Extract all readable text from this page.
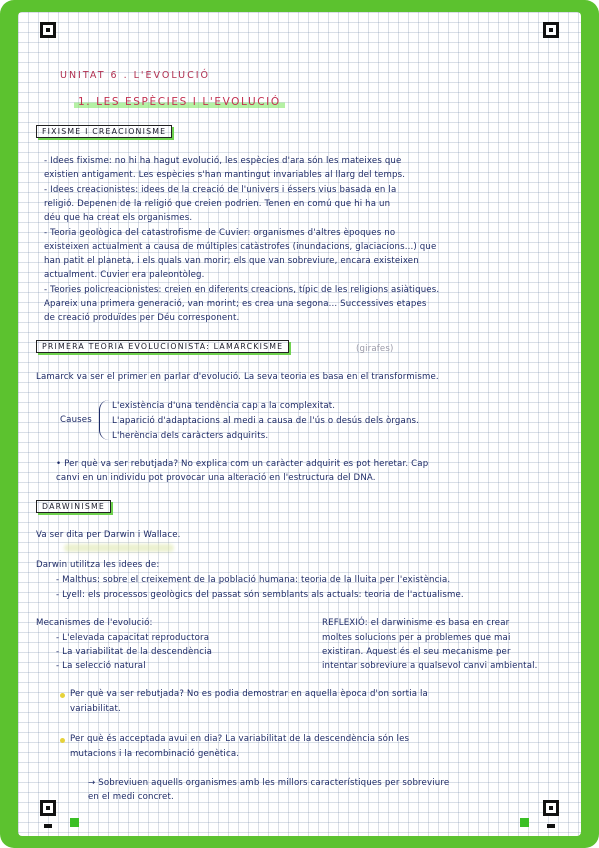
UNITAT 6 . L'EVOLUCIÓ
1. LES ESPÈCIES I L'EVOLUCIÓ
FIXISME I CREACIONISME
- Idees fixisme: no hi ha hagut evolució, les espècies d'ara són les mateixes que
existien antigament. Les espècies s'han mantingut invariables al llarg del temps.
- Idees creacionistes: idees de la creació de l'univers i éssers vius basada en la
religió. Depenen de la religió que creien podrien. Tenen en comú que hi ha un
déu que ha creat els organismes.
- Teoria geològica del catastrofisme de Cuvier: organismes d'altres èpoques no
existeixen actualment a causa de múltiples catàstrofes (inundacions, glaciacions...) que
han patit el planeta, i els quals van morir; els que van sobreviure, encara existeixen
actualment. Cuvier era paleontòleg.
- Teories policreacionistes: creien en diferents creacions, típic de les religions asiàtiques.
Apareix una primera generació, van morint; es crea una segona... Successives etapes
de creació produïdes per Déu corresponent.
PRIMERA TEORIA EVOLUCIONISTA: LAMARCKISME	(girafes)
Lamarck va ser el primer en parlar d'evolució. La seva teoria es basa en el transformisme.
Causes
L'existència d'una tendència cap a la complexitat.
L'aparició d'adaptacions al medi a causa de l'ús o desús dels òrgans.
L'herència dels caràcters adquirits.
• Per què va ser rebutjada? No explica com un caràcter adquirit es pot heretar. Cap
canvi en un individu pot provocar una alteració en l'estructura del DNA.
DARWINISME
Va ser dita per Darwin i Wallace.
Darwin utilitza les idees de:
- Malthus: sobre el creixement de la població humana: teoria de la lluita per l'existència.
- Lyell: els processos geològics del passat són semblants als actuals: teoria de l'actualisme.
Mecanismes de l'evolució:
- L'elevada capacitat reproductora
- La variabilitat de la descendència
- La selecció natural
REFLEXIÓ: el darwinisme es basa en crear
moltes solucions per a problemes que mai
existiran. Aquest és el seu mecanisme per
intentar sobreviure a qualsevol canvi ambiental.
Per què va ser rebutjada? No es podia demostrar en aquella època d'on sortia la
variabilitat.
Per què és acceptada avui en dia? La variabilitat de la descendència són les
mutacions i la recombinació genètica.
→ Sobreviuen aquells organismes amb les millors característiques per sobreviure
en el medi concret.
